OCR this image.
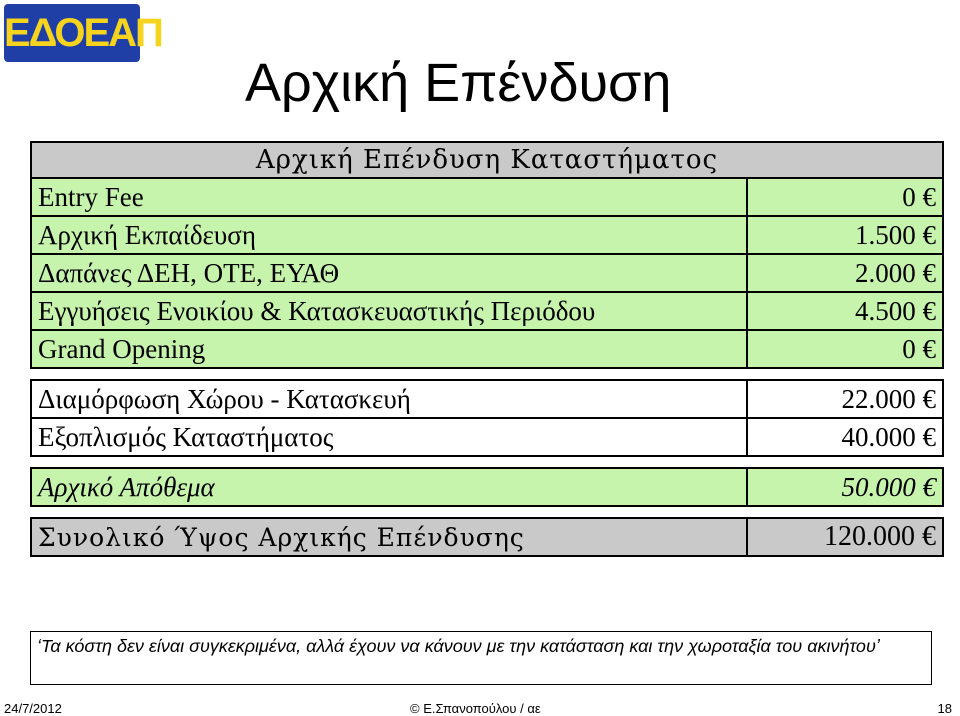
ΕΔΟΕΑΠ
Αρχική Επένδυση
Αρχική Επένδυση Καταστήματος	
Entry Fee	0 €
Αρχική Εκπαίδευση	1.500 €
Δαπάνες ΔΕΗ, ΟΤΕ, ΕΥΑΘ	2.000 €
Εγγυήσεις Ενοικίου & Κατασκευαστικής Περιόδου	4.500 €
Grand Opening	0 €

Διαμόρφωση Χώρου - Κατασκευή	22.000 €
Εξοπλισμός Καταστήματος	40.000 €

Αρχικό Απόθεμα	50.000 €

Συνολικό Ύψος Αρχικής Επένδυσης	120.000 €
‘Τα κόστη δεν είναι συγκεκριμένα, αλλά έχουν να κάνουν με την κατάσταση και την χωροταξία του ακινήτου’
24/7/2012	© Ε.Σπανοπούλου / αε	18
